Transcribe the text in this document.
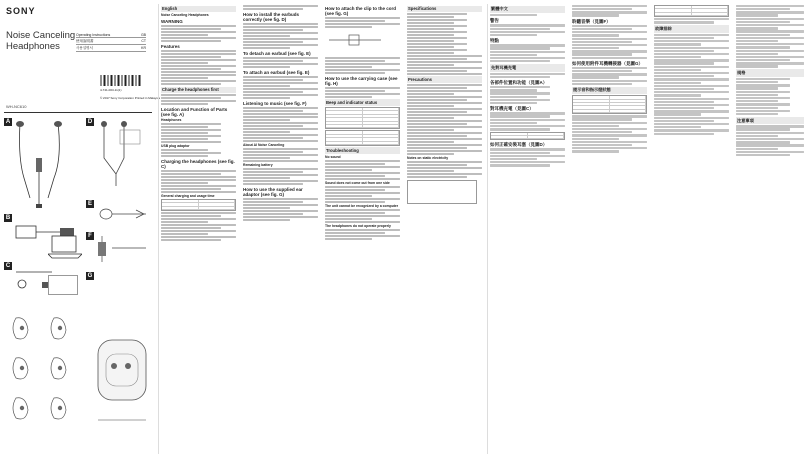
SONY
Noise Canceling
Headphones
Operating Instructions	GB
使用說明書	CT
사용설명서	KR
4-741-003-11(1)
© 2017 Sony Corporation Printed in Malaysia
WH-NC610
A
B
C
D
E
F
G
English
Noise Canceling Headphones
WARNING
Features
Charge the headphones first
Location and Function of Parts (see fig. A)
Headphones
USB plug adaptor
Charging the headphones (see fig. C)
General charging and usage time
How to install the earbuds correctly (see fig. D)
To detach an earbud (see fig. E)
To attach an earbud (see fig. E)
Listening to music (see fig. F)
About AI Noise Canceling
Remaining battery
How to use the supplied ear adaptor (see fig. G)
How to attach the clip to the cord (see fig. G)
How to use the carrying case (see fig. H)
Beep and indicator status
Troubleshooting
No sound
Sound does not come out from one side
The unit cannot be recognized by a computer
The headphones do not operate properly
Specifications
Precautions
Notes on static electricity
繁體中文
警告
特點
先對耳機充電
各部件位置和功能（見圖A）
對耳機充電（見圖C）
如何正確安裝耳塞（見圖D）
聆聽音樂（見圖F）
如何使用附件耳機轉接器（見圖G）
提示音和指示燈狀態
故障排除
規格
注意事項
